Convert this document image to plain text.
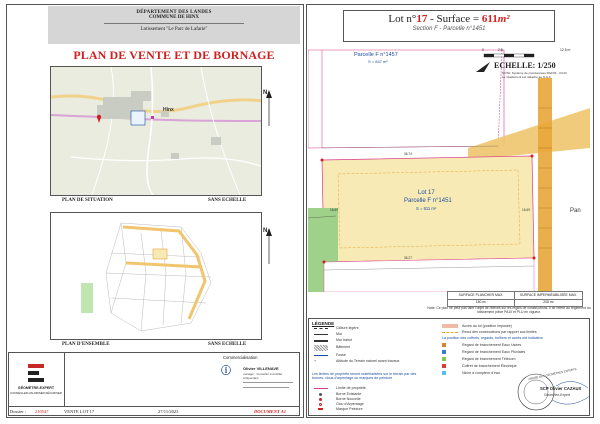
DÉPARTEMENT DES LANDES
COMMUNE DE HINX
Lotissement "Le Parc de Lafarie"
PLAN DE VENTE ET DE BORNAGE
Hinx
N
PLAN DE SITUATION	SANS ECHELLE
N
PLAN D'ENSEMBLE	SANS ECHELLE
GÉOMÈTRE-EXPERT
CONSEILLER-VALORISER-SÉCURISER
Commercialisation
ⓘ	Olivier VILLENAVE
manager · Conseiller immobilier indépendant
Dossier : 210547	VENTE LOT 17	27/11/2023	DOCUMENT A1
Lot n°17 - Surface = 611m²
Section F - Parcelle n°1451
Parcelle F n°1457
S = 847 m²
Lot 17
Parcelle F n°1451
S = 611 m²	Pan
36.74
36.27
16.69	16.69
0	2.5	12.5 m
ECHELLE: 1/250
NOTA: Système de coordonnées RGF93 - CC43
Le nivellement est rattaché au N.G.F.
SURFACE PLANCHER MAX.	SURFACE IMPERMÉABILISÉE MAX.
150 m²	208 m²
Note: Ce plan ne peut pas faire l'objet de relevés sur les règles de constructions. Il se réfère au règlement du lotissement pièce PA10 et PLU en vigueur.
LÉGENDE
Clôture légère
Mur
Mur bahut
Bâtiment
Fossé
+	Altitude du Terrain naturel avant travaux
Les limites de propriété seront matérialisées sur le terrain par des bornes, clous d'arpentage ou marques de peinture
Limite de propriété
Borne Existante
Borne Nouvelle
Clou d'Arpentage
Marque Peinture
Accès au lot (position imposée)
Recul des constructions par rapport aux limites
La position des coffrets, regards, boîtiers et accès est indicative
Regard de branchement Eaux Usées
Regard de branchement Eaux Pluviales
Regard de branchement Télécom
Coffret de branchement Électrique
Niche à compteur d'eau	ORDRE DES GÉOMÈTRES EXPERTS
SCP Olivier CAZAUX
Géomètre-Expert
